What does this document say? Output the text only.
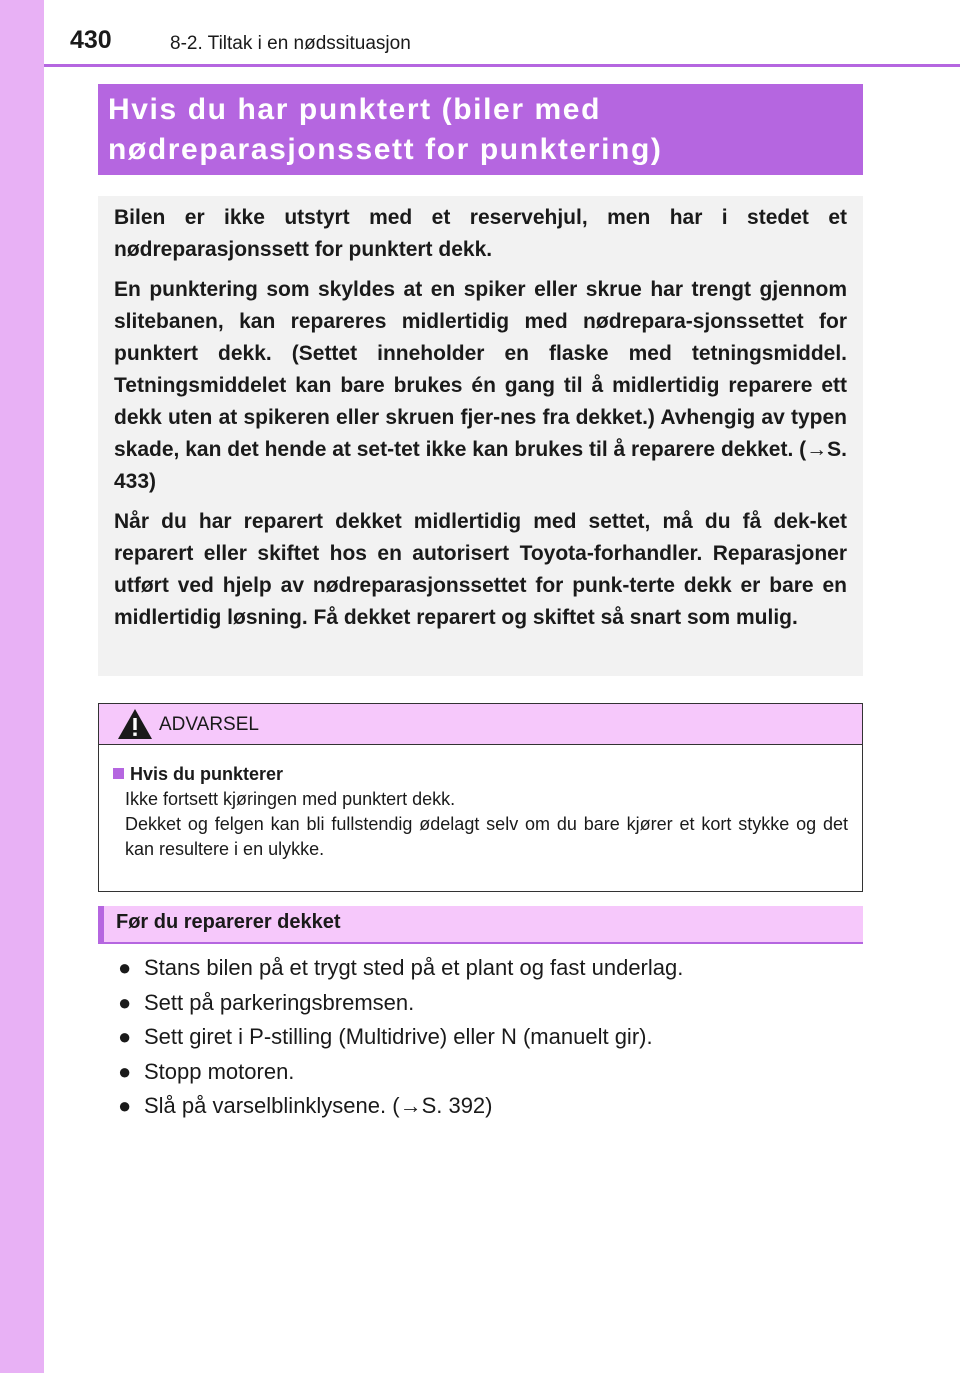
430	8-2. Tiltak i en nødssituasjon
Hvis du har punktert (biler med
nødreparasjonssett for punktering)

Bilen er ikke utstyrt med et reservehjul, men har i stedet et nødreparasjonssett for punktert dekk.

En punktering som skyldes at en spiker eller skrue har trengt gjennom slitebanen, kan repareres midlertidig med nødrepara-sjonssettet for punktert dekk. (Settet inneholder en flaske med tetningsmiddel. Tetningsmiddelet kan bare brukes én gang til å midlertidig reparere ett dekk uten at spikeren eller skruen fjer-nes fra dekket.) Avhengig av typen skade, kan det hende at set-tet ikke kan brukes til å reparere dekket. (→S. 433)

Når du har reparert dekket midlertidig med settet, må du få dek-ket reparert eller skiftet hos en autorisert Toyota-forhandler. Reparasjoner utført ved hjelp av nødreparasjonssettet for punk-terte dekk er bare en midlertidig løsning. Få dekket reparert og skiftet så snart som mulig.

ADVARSEL
Hvis du punkterer

Ikke fortsett kjøringen med punktert dekk.

Dekket og felgen kan bli fullstendig ødelagt selv om du bare kjører et kort stykke og det kan resultere i en ulykke.

Før du reparerer dekket
● Stans bilen på et trygt sted på et plant og fast underlag.
● Sett på parkeringsbremsen.
● Sett giret i P-stilling (Multidrive) eller N (manuelt gir).
● Stopp motoren.
● Slå på varselblinklysene. (→S. 392)
